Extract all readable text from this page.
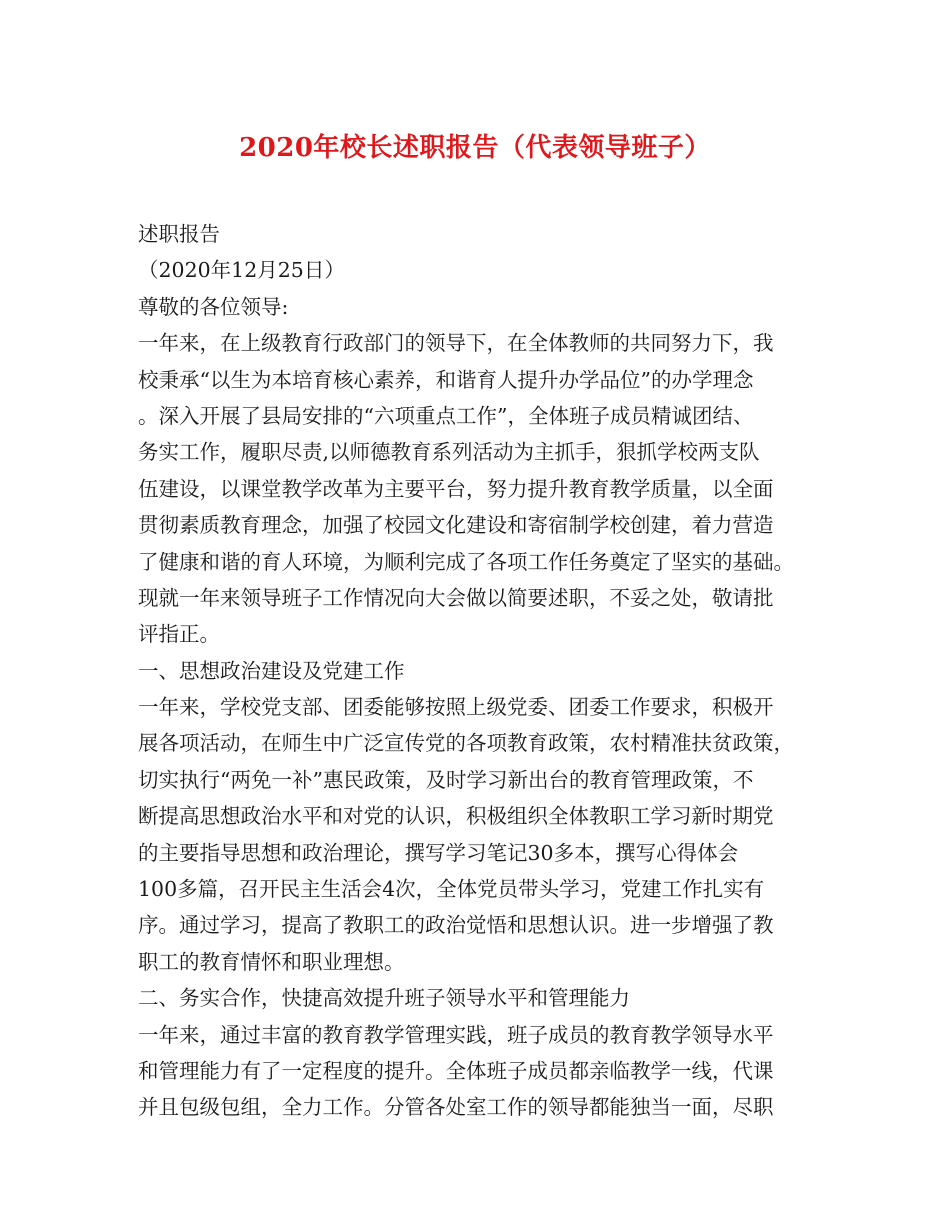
2020年校长述职报告（代表领导班子）
述职报告
（2020年12月25日）
尊敬的各位领导:
一年来，在上级教育行政部门的领导下，在全体教师的共同努力下，我
校秉承“以生为本培育核心素养，和谐育人提升办学品位”的办学理念
。深入开展了县局安排的“六项重点工作”，全体班子成员精诚团结、
务实工作，履职尽责,以师德教育系列活动为主抓手，狠抓学校两支队
伍建设，以课堂教学改革为主要平台，努力提升教育教学质量，以全面
贯彻素质教育理念，加强了校园文化建设和寄宿制学校创建，着力营造
了健康和谐的育人环境，为顺利完成了各项工作任务奠定了坚实的基础。
现就一年来领导班子工作情况向大会做以简要述职，不妥之处，敬请批
评指正。
一、思想政治建设及党建工作
一年来，学校党支部、团委能够按照上级党委、团委工作要求，积极开
展各项活动，在师生中广泛宣传党的各项教育政策，农村精准扶贫政策，
切实执行“两免一补”惠民政策，及时学习新出台的教育管理政策，不
断提高思想政治水平和对党的认识，积极组织全体教职工学习新时期党
的主要指导思想和政治理论，撰写学习笔记30多本，撰写心得体会
100多篇，召开民主生活会4次，全体党员带头学习，党建工作扎实有
序。通过学习，提高了教职工的政治觉悟和思想认识。进一步增强了教
职工的教育情怀和职业理想。
二、务实合作，快捷高效提升班子领导水平和管理能力
一年来，通过丰富的教育教学管理实践，班子成员的教育教学领导水平
和管理能力有了一定程度的提升。全体班子成员都亲临教学一线，代课
并且包级包组，全力工作。分管各处室工作的领导都能独当一面，尽职
